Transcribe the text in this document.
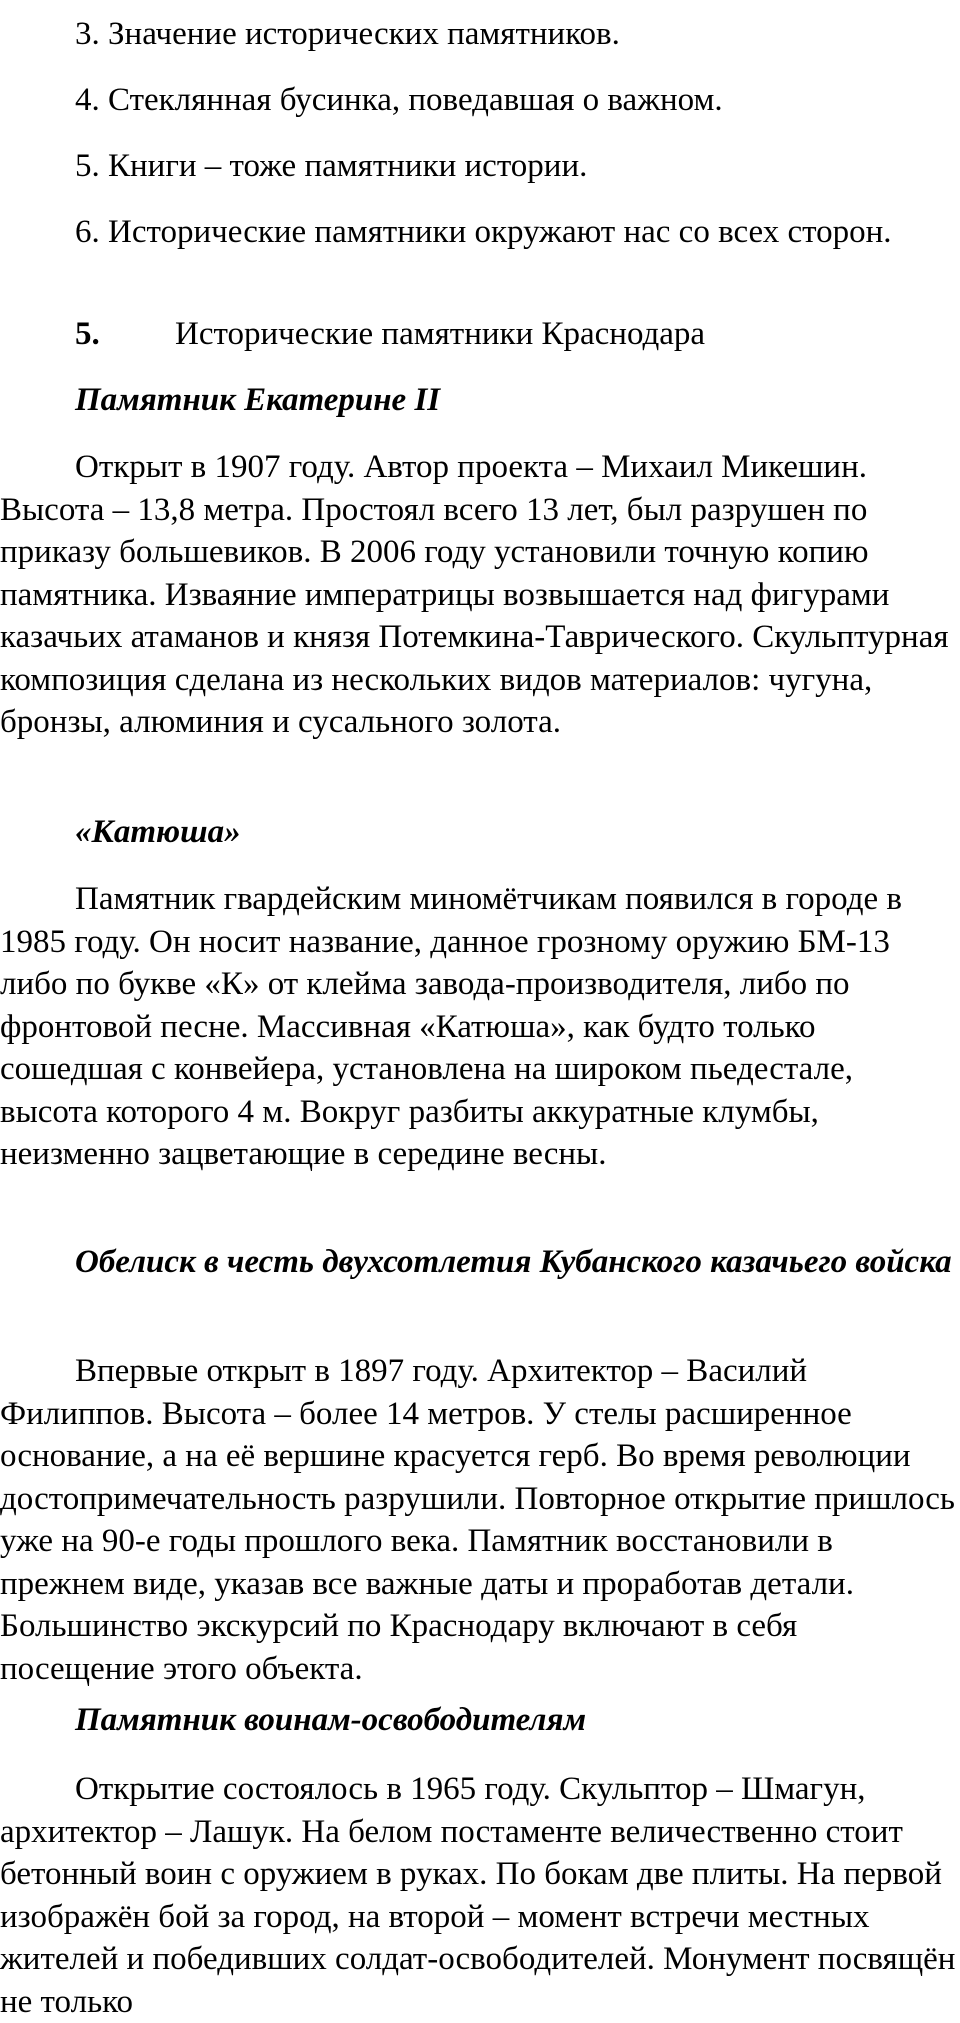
3. Значение исторических памятников.

4. Стеклянная бусинка, поведавшая о важном.

5. Книги – тоже памятники истории.

6. Исторические памятники окружают нас со всех сторон.

5. Исторические памятники Краснодара

Памятник Екатерине II

Открыт в 1907 году. Автор проекта – Михаил Микешин. Высота – 13,8 метра. Простоял всего 13 лет, был разрушен по приказу большевиков. В 2006 году установили точную копию памятника. Изваяние императрицы возвышается над фигурами казачьих атаманов и князя Потемкина-Таврического. Скульптурная композиция сделана из нескольких видов материалов: чугуна, бронзы, алюминия и сусального золота.

«Катюша»

Памятник гвардейским миномётчикам появился в городе в 1985 году. Он носит название, данное грозному оружию БМ-13 либо по букве «К» от клейма завода-производителя, либо по фронтовой песне. Массивная «Катюша», как будто только сошедшая с конвейера, установлена на широком пьедестале, высота которого 4 м. Вокруг разбиты аккуратные клумбы, неизменно зацветающие в середине весны.

Обелиск в честь двухсотлетия Кубанского казачьего войска

Впервые открыт в 1897 году. Архитектор – Василий Филиппов. Высота – более 14 метров. У стелы расширенное основание, а на её вершине красуется герб. Во время революции достопримечательность разрушили. Повторное открытие пришлось уже на 90-е годы прошлого века. Памятник восстановили в прежнем виде, указав все важные даты и проработав детали. Большинство экскурсий по Краснодару включают в себя посещение этого объекта.

Памятник воинам-освободителям

Открытие состоялось в 1965 году. Скульптор – Шмагун, архитектор – Лашук. На белом постаменте величественно стоит бетонный воин с оружием в руках. По бокам две плиты. На первой изображён бой за город, на второй – момент встречи местных жителей и победивших солдат-освободителей. Монумент посвящён не только
